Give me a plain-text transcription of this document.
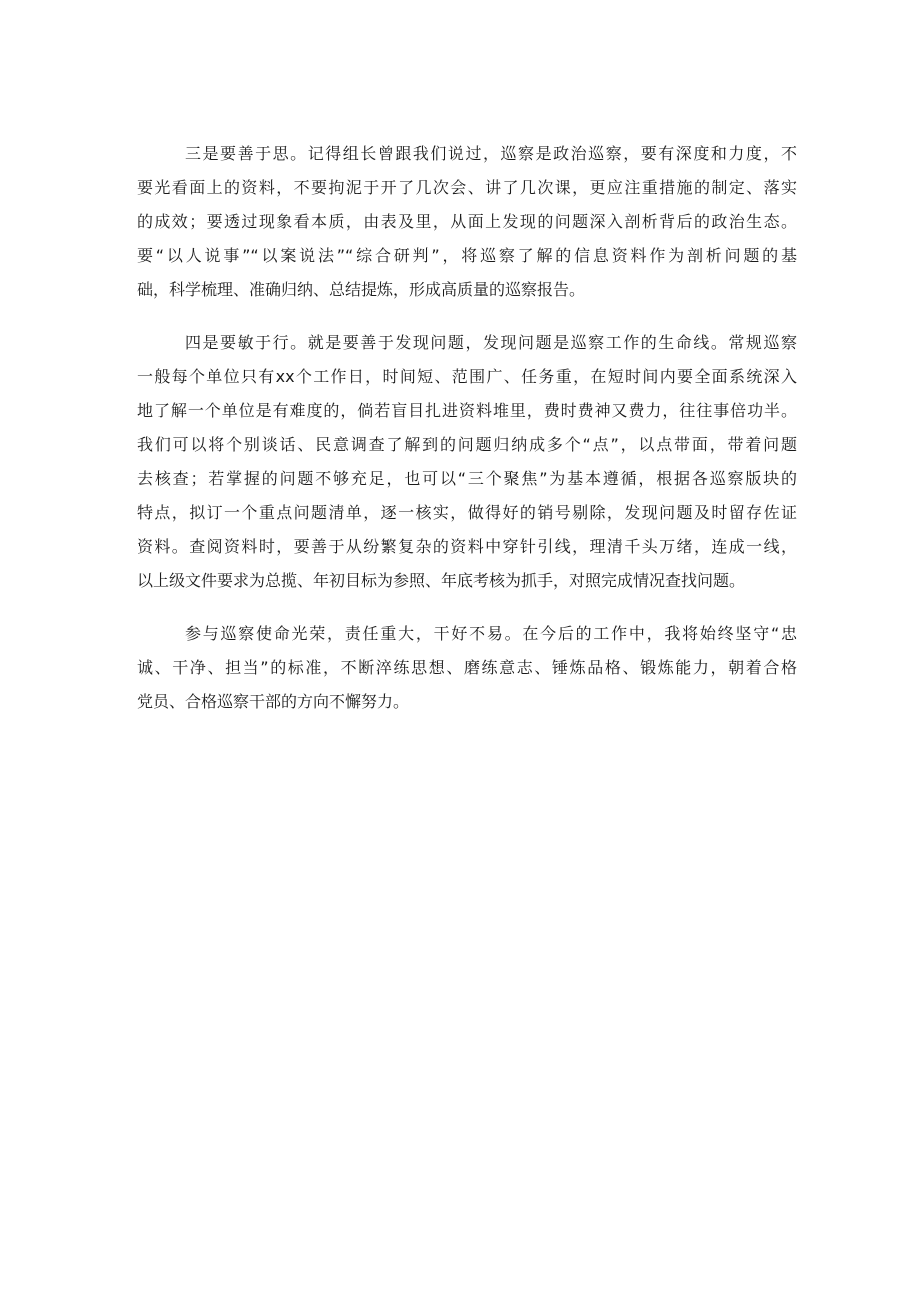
三是要善于思。记得组长曾跟我们说过，巡察是政治巡察，要有深度和力度，不
要光看面上的资料，不要拘泥于开了几次会、讲了几次课，更应注重措施的制定、落实
的成效；要透过现象看本质，由表及里，从面上发现的问题深入剖析背后的政治生态。
要“以人说事”“以案说法”“综合研判”，将巡察了解的信息资料作为剖析问题的基
础，科学梳理、准确归纳、总结提炼，形成高质量的巡察报告。
四是要敏于行。就是要善于发现问题，发现问题是巡察工作的生命线。常规巡察
一般每个单位只有xx个工作日，时间短、范围广、任务重，在短时间内要全面系统深入
地了解一个单位是有难度的，倘若盲目扎进资料堆里，费时费神又费力，往往事倍功半。
我们可以将个别谈话、民意调查了解到的问题归纳成多个“点”，以点带面，带着问题
去核查；若掌握的问题不够充足，也可以“三个聚焦”为基本遵循，根据各巡察版块的
特点，拟订一个重点问题清单，逐一核实，做得好的销号剔除，发现问题及时留存佐证
资料。查阅资料时，要善于从纷繁复杂的资料中穿针引线，理清千头万绪，连成一线，
以上级文件要求为总揽、年初目标为参照、年底考核为抓手，对照完成情况查找问题。
参与巡察使命光荣，责任重大，干好不易。在今后的工作中，我将始终坚守“忠
诚、干净、担当”的标准，不断淬练思想、磨练意志、锤炼品格、锻炼能力，朝着合格
党员、合格巡察干部的方向不懈努力。
